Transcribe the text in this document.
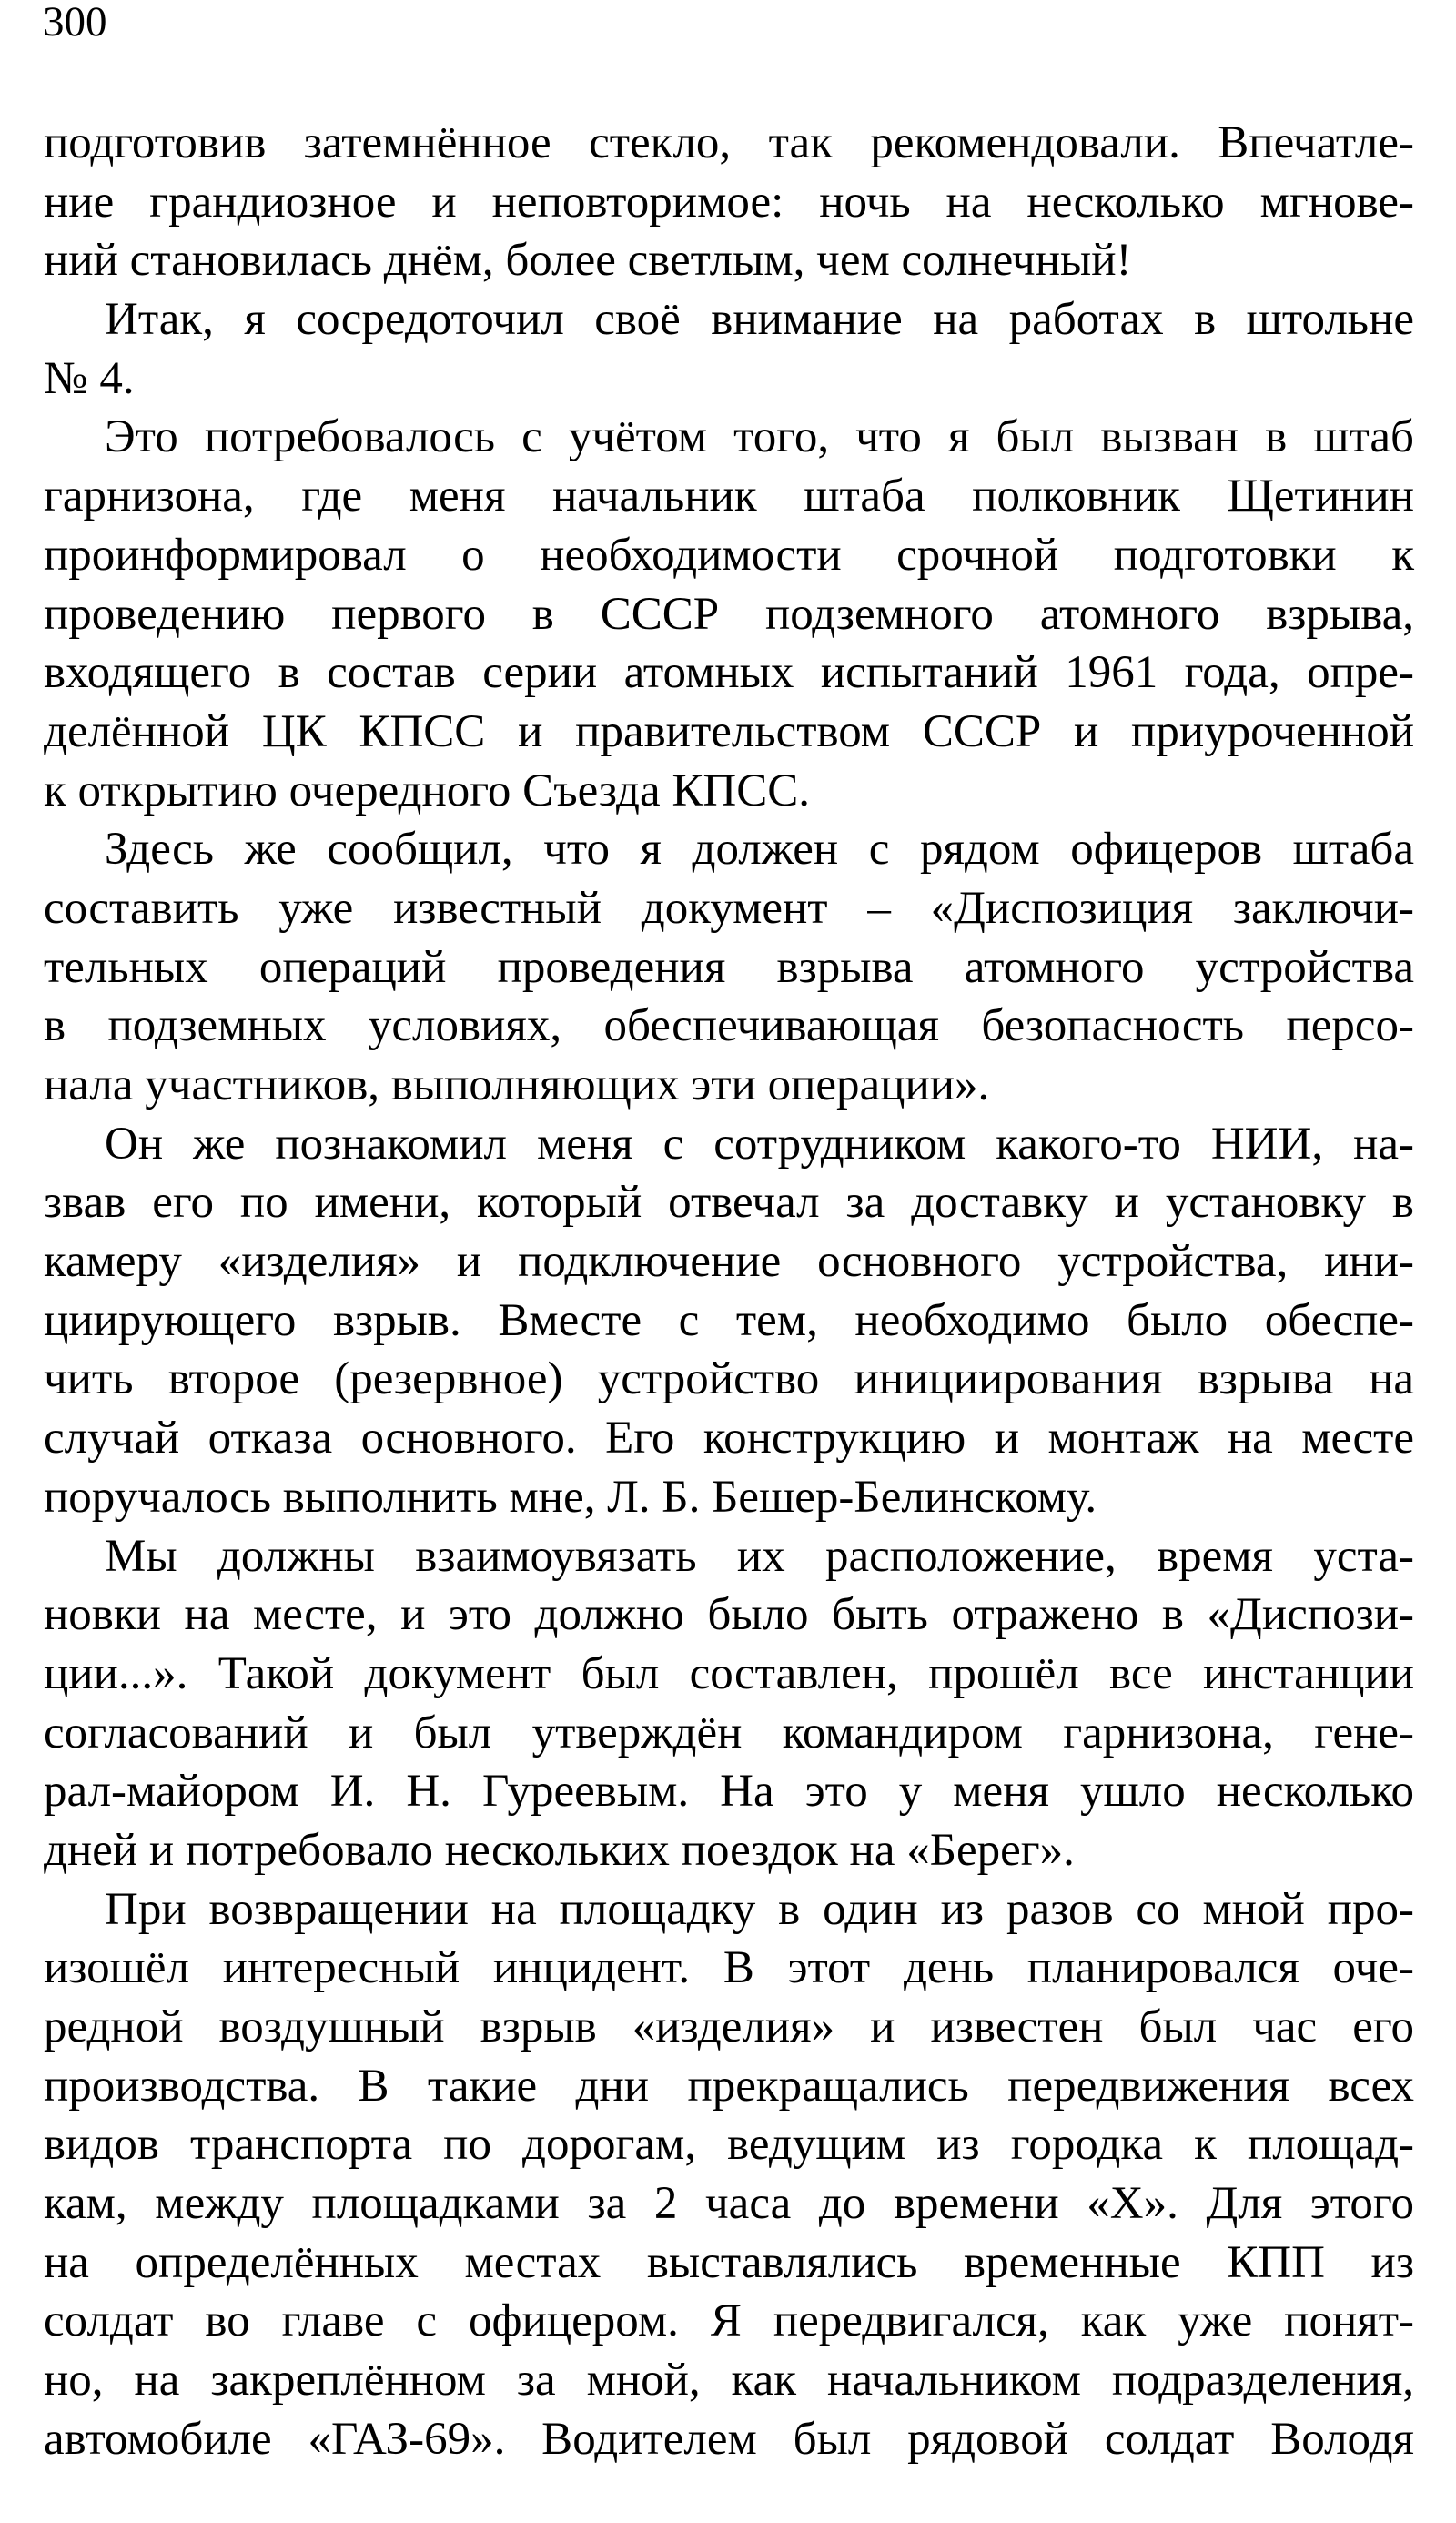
300
подготовив затемнённое стекло, так рекомендовали. Впечатле-
ние грандиозное и неповторимое: ночь на несколько мгнове-
ний становилась днём, более светлым, чем солнечный!
Итак, я сосредоточил своё внимание на работах в штольне
№ 4.
Это потребовалось с учётом того, что я был вызван в штаб
гарнизона, где меня начальник штаба полковник Щетинин
проинформировал о необходимости срочной подготовки к
проведению первого в СССР подземного атомного взрыва,
входящего в состав серии атомных испытаний 1961 года, опре-
делённой ЦК КПСС и правительством СССР и приуроченной
к открытию очередного Съезда КПСС.
Здесь же сообщил, что я должен с рядом офицеров штаба
составить уже известный документ – «Диспозиция заключи-
тельных операций проведения взрыва атомного устройства
в подземных условиях, обеспечивающая безопасность персо-
нала участников, выполняющих эти операции».
Он же познакомил меня с сотрудником какого-то НИИ, на-
звав его по имени, который отвечал за доставку и установку в
камеру «изделия» и подключение основного устройства, ини-
циирующего взрыв. Вместе с тем, необходимо было обеспе-
чить второе (резервное) устройство инициирования взрыва на
случай отказа основного. Его конструкцию и монтаж на месте
поручалось выполнить мне, Л. Б. Бешер-Белинскому.
Мы должны взаимоувязать их расположение, время уста-
новки на месте, и это должно было быть отражено в «Диспози-
ции...». Такой документ был составлен, прошёл все инстанции
согласований и был утверждён командиром гарнизона, гене-
рал-майором И. Н. Гуреевым. На это у меня ушло несколько
дней и потребовало нескольких поездок на «Берег».
При возвращении на площадку в один из разов со мной про-
изошёл интересный инцидент. В этот день планировался оче-
редной воздушный взрыв «изделия» и известен был час его
производства. В такие дни прекращались передвижения всех
видов транспорта по дорогам, ведущим из городка к площад-
кам, между площадками за 2 часа до времени «Х». Для этого
на определённых местах выставлялись временные КПП из
солдат во главе с офицером. Я передвигался, как уже понят-
но, на закреплённом за мной, как начальником подразделения,
автомобиле «ГАЗ-69». Водителем был рядовой солдат Володя
